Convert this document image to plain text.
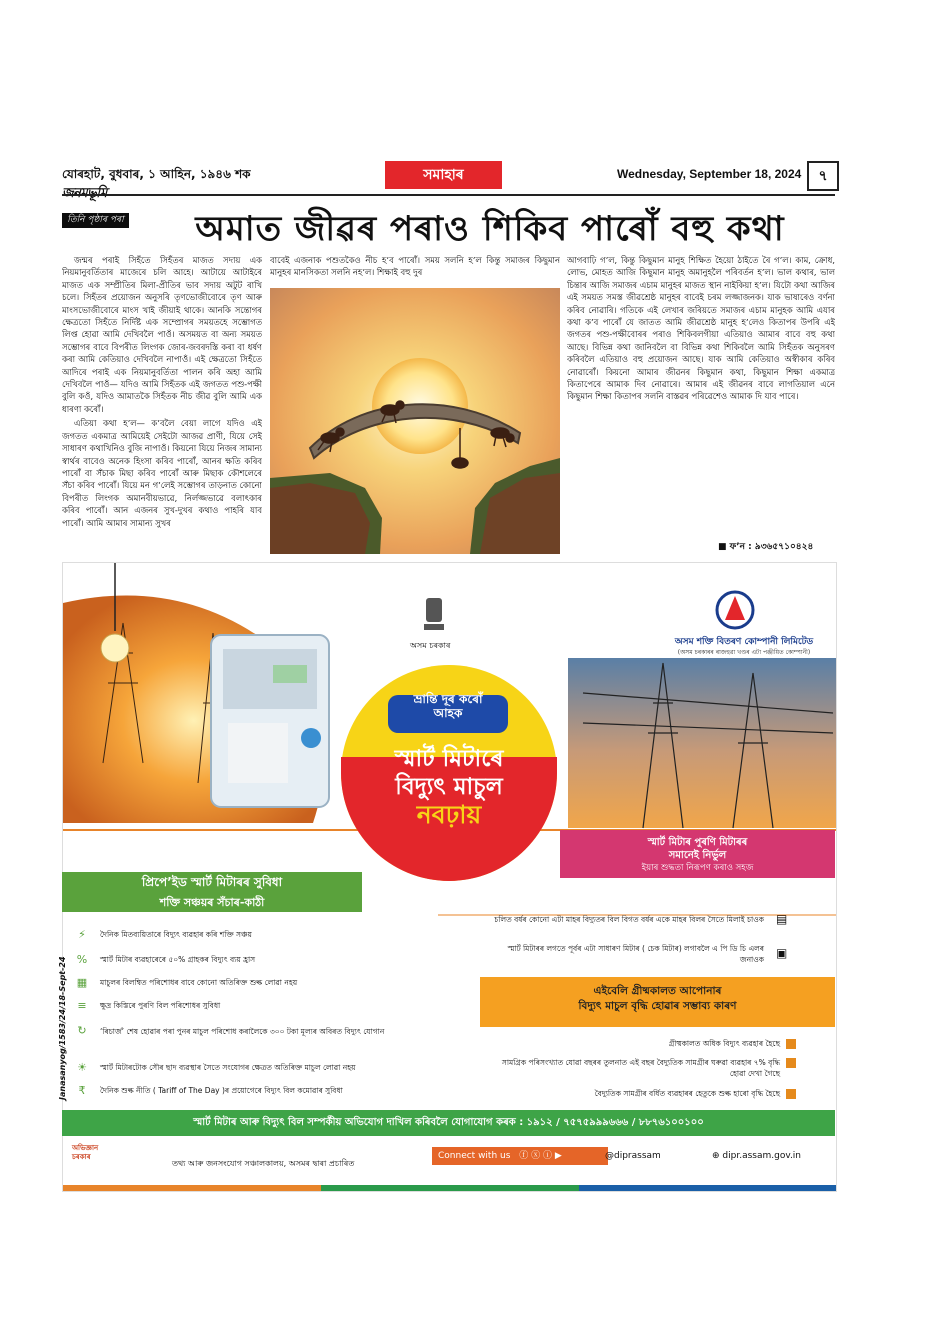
যোৰহাট, বুধবাৰ, ১ আহিন, ১৯৪৬ শক	সমাহাৰ	Wednesday, September 18, 2024	৭
তিনি পৃষ্ঠাৰ পৰা	অমাত জীৱৰ পৰাও শিকিব পাৰোঁ বহু কথা

জন্মৰ পৰাই সিহঁতে সিহঁতৰ মাজত সদায় এক নিয়মানুবৰ্তিতাৰ মাজেৰে চলি আহে। আটায়ে আটাইৰে মাজত এক সম্প্ৰীতিৰ মিলা-প্ৰীতিৰ ভাব সদায় অটুট ৰাখি চলে। সিহঁতৰ প্ৰয়োজন অনুসৰি তৃণভোজীবোৰে তৃণ আৰু মাংসভোজীবোৰে মাংস খাই জীয়াই থাকে। আনকি সন্তোগৰ ক্ষেত্ৰতো সিহঁতে নিৰ্দিষ্ট এক সম্প্ৰোগৰ সময়তহে সম্ভোগত লিপ্ত হোৱা আমি দেখিবলৈ পাওঁ। অসময়ত বা অন্য সময়ত সম্ভোগৰ বাবে বিপৰীত লিংগক জোৰ-জবৰদস্তি কৰা বা ধৰ্ষণ কৰা আমি কেতিয়াও দেখিবলৈ নাপাওঁ। এই ক্ষেত্ৰতো সিহঁতে আদিৰে পৰাই এক নিয়মানুবৰ্তিতা পালন কৰি অহা আমি দেখিবলৈ পাওঁ— যদিও আমি সিহঁতক এই জগতত পশু-পক্ষী বুলি কওঁ, যদিও আমাতকৈ সিহঁতক নীচ জীৱ বুলি আমি এক ধাৰণা কৰোঁ।

এতিয়া কথা হ’ল— ক’বলৈ বেয়া লাগে যদিও এই জগতত একমাত্ৰ আমিয়েই সেইটো আজৱ প্ৰাণী, যিয়ে সেই সাধাৰণ কথাখিনিও বুজি নাপাওঁ। কিয়নো যিয়ে নিজৰ সামান্য স্বাৰ্থৰ বাবেও অনেক হিংসা কৰিব পাৰোঁ, আনৰ ক্ষতি কৰিব পাৰোঁ বা সঁচাক মিছা কৰিব পাৰোঁ আৰু মিছাক কৌশলেৰে সঁচা কৰিব পাৰোঁ। যিয়ে মন গ’লেই সম্ভোগৰ তাড়নাত কোনো বিপৰীত লিংগক অমানবীয়ভাৱে, নিৰ্লজ্জভাৱে বলাৎকাৰ কৰিব পাৰোঁ। আন এজনৰ সুখ-দুখৰ কথাও পাহৰি যাব পাৰোঁ। আমি আমাৰ সামান্য সুখৰ

বাবেই এজনাক পশুতকৈও নীচ হ’ব পাৰোঁ। সময় সলনি হ’ল কিন্তু সমাজৰ কিছুমান মানুহৰ মানসিকতা সলনি নহ’ল। শিক্ষাই বহু দুৰ

আগবাঢ়ি গ’ল, কিন্তু কিছুমান মানুহ শিক্ষিত হৈয়ো ঠাইতে ৰৈ গ’ল। কাম, ক্ৰোধ, লোভ, মোহত আজি কিছুমান মানুহ অমানুহলৈ পৰিবৰ্তন হ’ল। ভাল কথাৰ, ভাল চিন্তাৰ আজি সমাজৰ এচাম মানুহৰ মাজত স্থান নাইকিয়া হ’ল। যিটো কথা আজিৰ এই সময়ত সমস্ত জীৱশ্ৰেষ্ঠ মানুহৰ বাবেই চৰম লজ্জাজনক। যাক ভাষাৰেও বৰ্ণনা কৰিব নোৱাৰি। গতিকে এই লেখাৰ জৰিয়তে সমাজৰ এচাম মানুহক আমি এযাৰ কথা ক’ব পাৰোঁ যে জাতত আমি জীৱশ্ৰেষ্ঠ মানুহ হ’লেও কিতাপৰ উপৰি এই জগতৰ পশু-পক্ষীবোৰৰ পৰাও শিকিবলগীয়া এতিয়াও আমাৰ বাবে বহু কথা আছে। বিভিন্ন কথা জানিবলৈ বা বিভিন্ন কথা শিকিবলৈ আমি সিহঁতক অনুসৰণ কৰিবলৈ এতিয়াও বহু প্ৰয়োজন আছে। যাক আমি কেতিয়াও অস্বীকাৰ কৰিব নোৱাৰোঁ। কিয়নো আমাৰ জীৱনৰ কিছুমান কথা, কিছুমান শিক্ষা একমাত্ৰ কিতাপেৰে আমাক দিব নোৱাৰে। আমাৰ এই জীৱনৰ বাবে লাগতিয়াল এনে কিছুমান শিক্ষা কিতাপৰ সলনি বাস্তৱৰ পৰিৱেশেও আমাক দি যাব পাৰে।

■ ফ’ন : ৯৩৬৫৭১০৪২৪
ভ্ৰান্তি দূৰ কৰোঁ
আহক
স্মাৰ্ট মিটাৰে
বিদ্যুৎ মাচুল
নবঢ়ায়
অসম চৰকাৰ	অসম শক্তি বিতৰণ কোম্পানী লিমিটেড
(অসম চৰকাৰৰ ৰাজহুৱা খণ্ডৰ এটা পঞ্জীয়িত কোম্পানী)
প্ৰিপে’ইড স্মাৰ্ট মিটাৰৰ সুবিধা
শক্তি সঞ্চয়ৰ সঁচাৰ-কাঠী
⚡	দৈনিক মিতব্যয়িতাৰে বিদ্যুৎ ব্যৱহাৰ কৰি শক্তি সঞ্চয়
%	স্মাৰ্ট মিটাৰ ব্যৱহাৰেৰে ৫০% গ্ৰাহকৰ বিদ্যুৎ ব্যয় হ্ৰাস
▦	মাচুলৰ বিলম্বিত পৰিশোধৰ বাবে কোনো অতিৰিক্ত শুল্ক লোৱা নহয়
≡	ক্ষুদ্ৰ কিস্তিৰে পুৰণি বিল পৰিশোধৰ সুবিধা
↻	‘ৰিচাৰ্জ’ শেষ হোৱাৰ পৰা পুনৰ মাচুল পৰিশোধ কৰালৈকে ৩০০ টকা মূল্যৰ অবিৰত বিদ্যুৎ যোগান
☀	স্মাৰ্ট মিটাৰটোক সৌৰ ছাদ ব্যৱস্থাৰ সৈতে সংযোগৰ ক্ষেত্ৰত অতিৰিক্ত মাচুল লোৱা নহয়
₹	দৈনিক শুল্ক নীতি ( Tariff of The Day )ৰ প্ৰয়োগেৰে বিদ্যুৎ বিল কমোৱাৰ সুবিধা
স্মাৰ্ট মিটাৰ পুৰণি মিটাৰৰ
সমানেই নিৰ্ভুল
ইয়াৰ শুদ্ধতা নিৰূপণ কৰাও সহজ
চলিত বৰ্ষৰ কোনো এটা মাহৰ বিদ্যুতৰ বিল বিগত বৰ্ষৰ একে মাহৰ বিলৰ সৈতে মিলাই চাওক ▤
স্মাৰ্ট মিটাৰৰ লগতে পূৰ্বৰ এটা সাধাৰণ মিটাৰ ( চেক মিটাৰ) লগাবলৈ এ পি ডি চি এলৰ জনাওক ▣
এইবেলি গ্ৰীষ্মকালত আপোনাৰ
বিদ্যুৎ মাচুল বৃদ্ধি হোৱাৰ সম্ভাব্য কাৰণ
গ্ৰীষ্মকালত অধিক বিদ্যুৎ ব্যৱহাৰ হৈছে
সামগ্ৰিক পৰিসংখ্যাত যোৱা বছৰৰ তুলনাত এই বছৰ বৈদ্যুতিক সামগ্ৰীৰ ঘৰুৱা ব্যৱহাৰ ৭% বৃদ্ধি হোৱা দেখা গৈছে
বৈদ্যুতিক সামগ্ৰীৰ বৰ্ধিত ব্যৱহাৰৰ হেতুকে শুল্ক হাৰো বৃদ্ধি হৈছে
Janasanyog/1583/24/18-Sept-24
স্মাৰ্ট মিটাৰ আৰু বিদ্যুৎ বিল সম্পৰ্কীয় অভিযোগ দাখিল কৰিবলৈ যোগাযোগ কৰক : ১৯১২ / ৭৫৭৫৯৯৯৬৬৬ / ৮৮৭৬১০০১০০
অভিজ্ঞান
চৰকাৰ
তথ্য আৰু জনসংযোগ সঞ্চালকালয়, অসমৰ দ্বাৰা প্ৰচাৰিত
Connect with us ⓕ ⓧ ⓘ ▶	@diprassam	⊕ dipr.assam.gov.in
